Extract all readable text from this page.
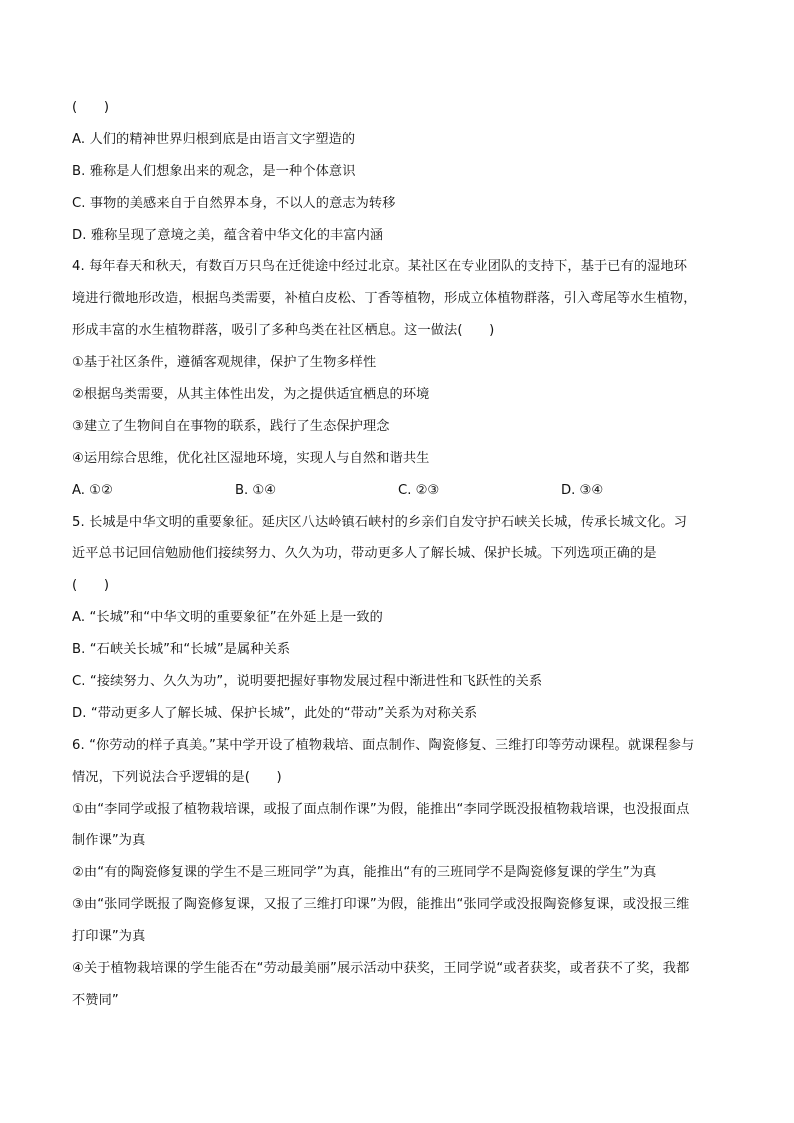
(　　)
A. 人们的精神世界归根到底是由语言文字塑造的
B. 雅称是人们想象出来的观念，是一种个体意识
C. 事物的美感来自于自然界本身，不以人的意志为转移
D. 雅称呈现了意境之美，蕴含着中华文化的丰富内涵
4. 每年春天和秋天，有数百万只鸟在迁徙途中经过北京。某社区在专业团队的支持下，基于已有的湿地环
境进行微地形改造，根据鸟类需要，补植白皮松、丁香等植物，形成立体植物群落，引入鸢尾等水生植物，
形成丰富的水生植物群落，吸引了多种鸟类在社区栖息。这一做法(　　)
①基于社区条件，遵循客观规律，保护了生物多样性
②根据鸟类需要，从其主体性出发，为之提供适宜栖息的环境
③建立了生物间自在事物的联系，践行了生态保护理念
④运用综合思维，优化社区湿地环境，实现人与自然和谐共生
A. ①②	B. ①④	C. ②③	D. ③④
5. 长城是中华文明的重要象征。延庆区八达岭镇石峡村的乡亲们自发守护石峡关长城，传承长城文化。习
近平总书记回信勉励他们接续努力、久久为功，带动更多人了解长城、保护长城。下列选项正确的是
(　　)
A. “长城”和“中华文明的重要象征”在外延上是一致的
B. “石峡关长城”和“长城”是属种关系
C. “接续努力、久久为功”，说明要把握好事物发展过程中渐进性和飞跃性的关系
D. “带动更多人了解长城、保护长城”，此处的“带动”关系为对称关系
6. “你劳动的样子真美。”某中学开设了植物栽培、面点制作、陶瓷修复、三维打印等劳动课程。就课程参与
情况，下列说法合乎逻辑的是(　　)
①由“李同学或报了植物栽培课，或报了面点制作课”为假，能推出“李同学既没报植物栽培课，也没报面点
制作课”为真
②由“有的陶瓷修复课的学生不是三班同学”为真，能推出“有的三班同学不是陶瓷修复课的学生”为真
③由“张同学既报了陶瓷修复课，又报了三维打印课”为假，能推出“张同学或没报陶瓷修复课，或没报三维
打印课”为真
④关于植物栽培课的学生能否在“劳动最美丽”展示活动中获奖，王同学说“或者获奖，或者获不了奖，我都
不赞同”
